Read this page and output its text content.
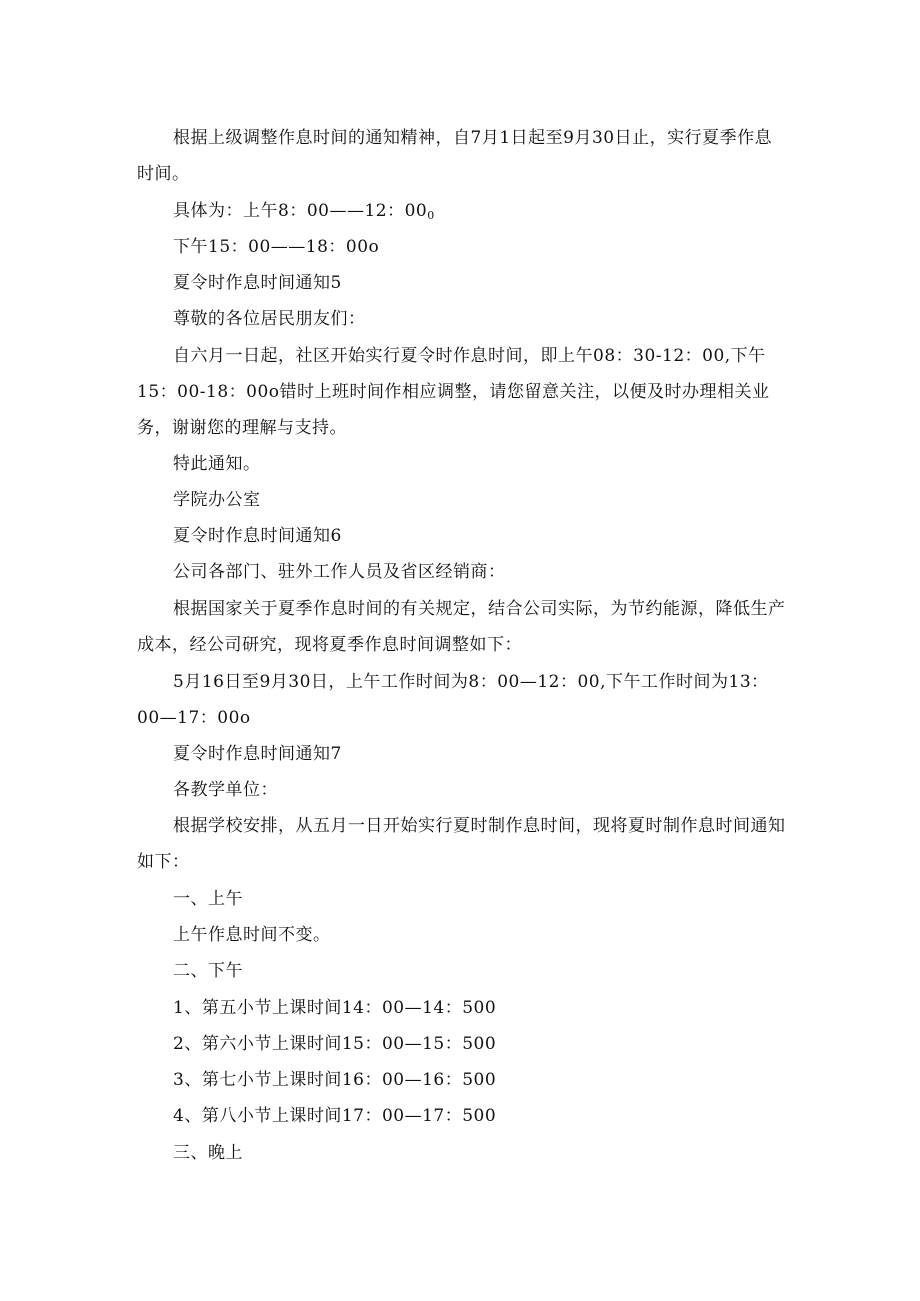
根据上级调整作息时间的通知精神，自7月1日起至9月30日止，实行夏季作息时间。

具体为：上午8：00——12：$00_0$

下午15：00——18：00o

夏令时作息时间通知5

尊敬的各位居民朋友们：

自六月一日起，社区开始实行夏令时作息时间，即上午08：30-12：00,下午15：00-18：00o错时上班时间作相应调整，请您留意关注，以便及时办理相关业务，谢谢您的理解与支持。

特此通知。

学院办公室

夏令时作息时间通知6

公司各部门、驻外工作人员及省区经销商：

根据国家关于夏季作息时间的有关规定，结合公司实际，为节约能源，降低生产成本，经公司研究，现将夏季作息时间调整如下：

5月16日至9月30日，上午工作时间为8：00—12：00,下午工作时间为13：00—17：00o

夏令时作息时间通知7

各教学单位：

根据学校安排，从五月一日开始实行夏时制作息时间，现将夏时制作息时间通知如下：

一、上午

上午作息时间不变。

二、下午

1、第五小节上课时间14：00—14：500

2、第六小节上课时间15：00—15：500

3、第七小节上课时间16：00—16：500

4、第八小节上课时间17：00—17：500

三、晚上
